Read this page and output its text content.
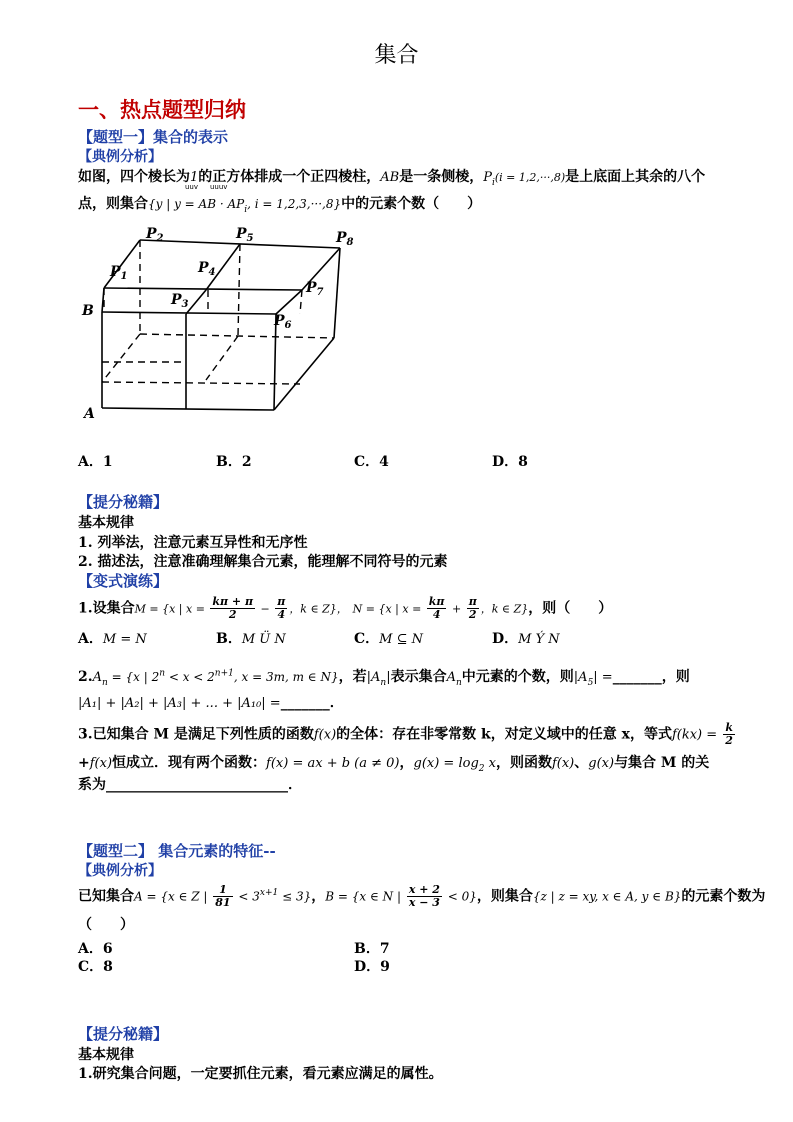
集合
一、热点题型归纳
【题型一】集合的表示
【典例分析】
如图，四个棱长为1的正方体排成一个正四棱柱，AB是一条侧棱，$P_i(i = 1,2,\cdot\cdot\cdot,8)$是上底面上其余的八个
uuv uuuv
点，则集合{y | y = AB · $AP_i$, i = 1,2,3,···,8}中的元素个数（　　）
$P_2$	$P_5$	$P_8$
$P_1$
$P_4$
$P_7$
$P_3$
$P_6$
B
A
A．1	B．2	C．4	D．8
【提分秘籍】
基本规律
1. 列举法，注意元素互异性和无序性
2. 描述法，注意准确理解集合元素，能理解不同符号的元素
【变式演练】
1.设集合M = {x | $x = \frac{k\pi + \pi}{2} - \frac{\pi}{4}$ ，k ∈ Z}， N = {x | $x = \frac{k\pi}{4} + \frac{\pi}{2}$ ，k ∈ Z}，则（　　）
A．M = N	B．M Ü N	C．M ⊆ N	D．M Ý N
$2.A_n = \{x$ | $2^n < x < 2^{n+1}$, x = 3m, m ∈ N}，若$|A_n|$表示集合$A_n$中元素的个数，则$|A_5|$ =_______，则
|A₁| + |A₂| + |A₃| + ... + |A₁₀| =_______．
3.已知集合 M 是满足下列性质的函数f(x)的全体：存在非零常数 k，对定义域中的任意 x，等式$f(kx) = \frac{k}{2}$
+f(x)恒成立．现有两个函数：f(x) = ax + b (a ≠ 0)，$g(x) = \log_2 x$，则函数f(x)、g(x)与集合 M 的关
系为__________________________．
【题型二】 集合元素的特征--
【典例分析】
已知集合A = {x ∈ Z | $\frac{1}{81} < 3^{x+1} \le 3$}，B = {x ∈ N | $\frac{x + 2}{x - 3} < 0$}，则集合{z | z = xy, x ∈ A, y ∈ B}的元素个数为
（　　）
A．6	B．7
C．8	D．9
【提分秘籍】
基本规律
1.研究集合问题，一定要抓住元素，看元素应满足的属性。
